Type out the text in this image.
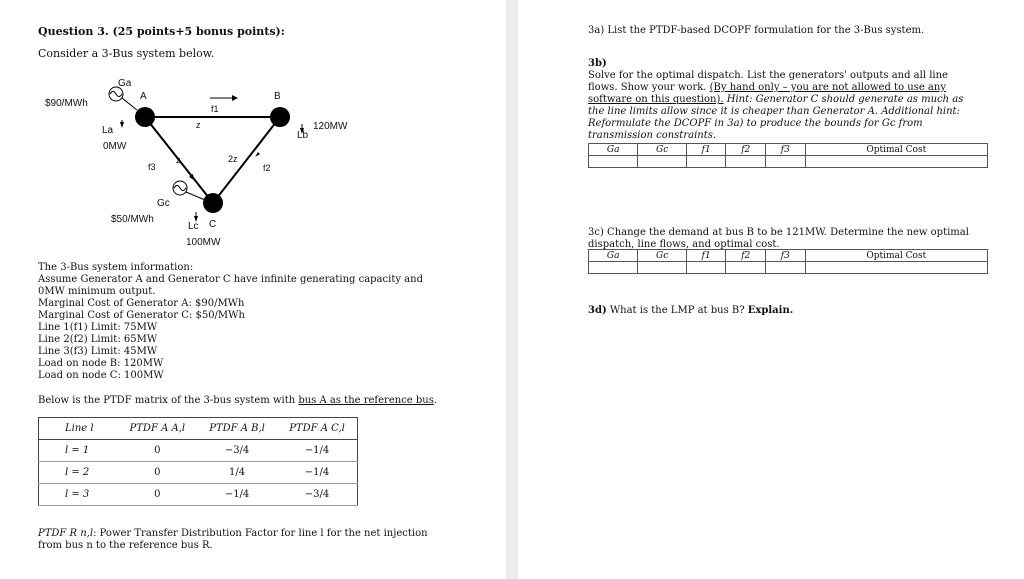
Question 3. (25 points+5 bonus points):
Consider a 3-Bus system below.
Ga
A
$90/MWh
La
0MW
B
Lb
120MW
f1
z
f3
z	2z
f2
Gc
$50/MWh
Lc C
100MW
The 3-Bus system information:
Assume Generator A and Generator C have infinite generating capacity and 0MW minimum output.
Marginal Cost of Generator A: $90/MWh
Marginal Cost of Generator C: $50/MWh
Line 1(f1) Limit: 75MW
Line 2(f2) Limit: 65MW
Line 3(f3) Limit: 45MW
Load on node B: 120MW
Load on node C: 100MW
Below is the PTDF matrix of the 3-bus system with bus A as the reference bus.
Line l	PTDF A A,l	PTDF A B,l	PTDF A C,l
l = 1	0	−3/4	−1/4
l = 2	0	1/4	−1/4
l = 3	0	−1/4	−3/4
PTDF R n,l: Power Transfer Distribution Factor for line l for the net injection from bus n to the reference bus R.
3a) List the PTDF-based DCOPF formulation for the 3-Bus system.
3b)
Solve for the optimal dispatch. List the generators' outputs and all line flows. Show your work. (By hand only – you are not allowed to use any software on this question). Hint: Generator C should generate as much as the line limits allow since it is cheaper than Generator A. Additional hint: Reformulate the DCOPF in 3a) to produce the bounds for Gc from transmission constraints.
Ga	Gc	f1	f2	f3	Optimal Cost

3c) Change the demand at bus B to be 121MW. Determine the new optimal dispatch, line flows, and optimal cost.
Ga	Gc	f1	f2	f3	Optimal Cost

3d) What is the LMP at bus B? Explain.
